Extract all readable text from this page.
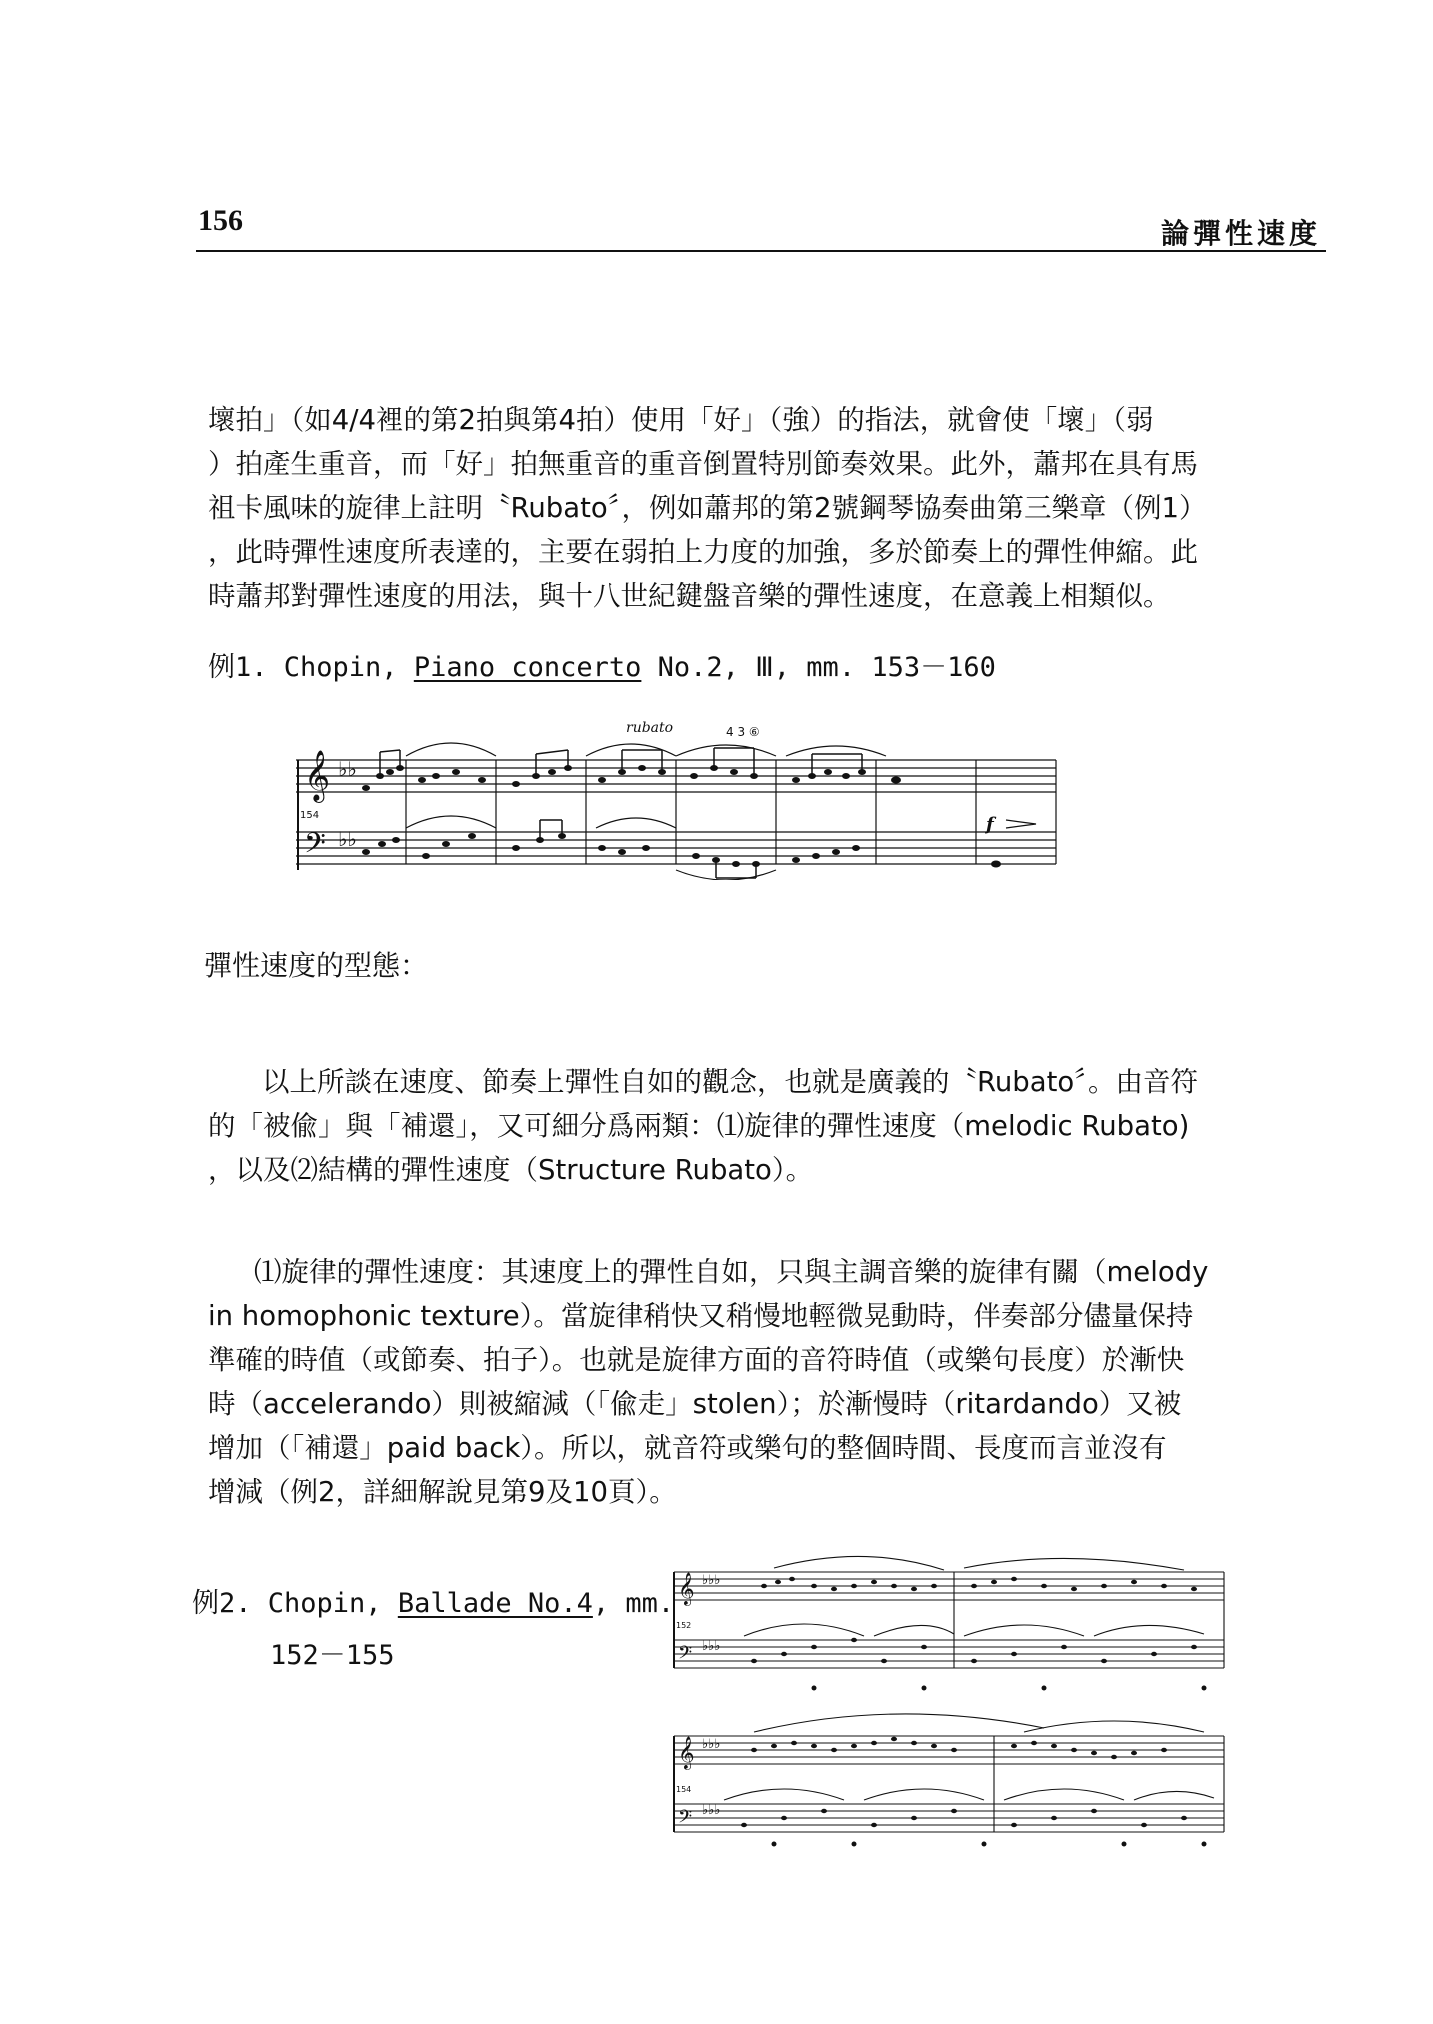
156	論彈性速度
壞拍」（如4/4裡的第2拍與第4拍）使用「好」（強）的指法，就會使「壞」（弱
）拍產生重音，而「好」拍無重音的重音倒置特別節奏效果。此外，蕭邦在具有馬
祖卡風味的旋律上註明〝Rubato〞，例如蕭邦的第2號鋼琴協奏曲第三樂章（例1）
，此時彈性速度所表達的，主要在弱拍上力度的加強，多於節奏上的彈性伸縮。此
時蕭邦對彈性速度的用法，與十八世紀鍵盤音樂的彈性速度，在意義上相類似。
例1. Chopin, Piano concerto No.2, Ⅲ, mm. 153－160
𝄞
𝄢
♭♭
♭♭
rubato	4 3 ⑥
154	f
彈性速度的型態：
以上所談在速度、節奏上彈性自如的觀念，也就是廣義的〝Rubato〞。由音符
的「被偸」與「補還」，又可細分爲兩類：⑴旋律的彈性速度（melodic Rubato)
，以及⑵結構的彈性速度（Structure Rubato）。
⑴旋律的彈性速度：其速度上的彈性自如，只與主調音樂的旋律有關（melody
in homophonic texture）。當旋律稍快又稍慢地輕微晃動時，伴奏部分儘量保持
準確的時值（或節奏、拍子）。也就是旋律方面的音符時值（或樂句長度）於漸快
時（accelerando）則被縮減（「偸走」stolen）；於漸慢時（ritardando）又被
增加（「補還」paid back）。所以，就音符或樂句的整個時間、長度而言並沒有
增減（例2，詳細解說見第9及10頁）。
例2. Chopin, Ballade No.4, mm.
152－155
𝄞
𝄢
𝄞
𝄢
♭♭♭
♭♭♭
♭♭♭
♭♭♭
152
154
